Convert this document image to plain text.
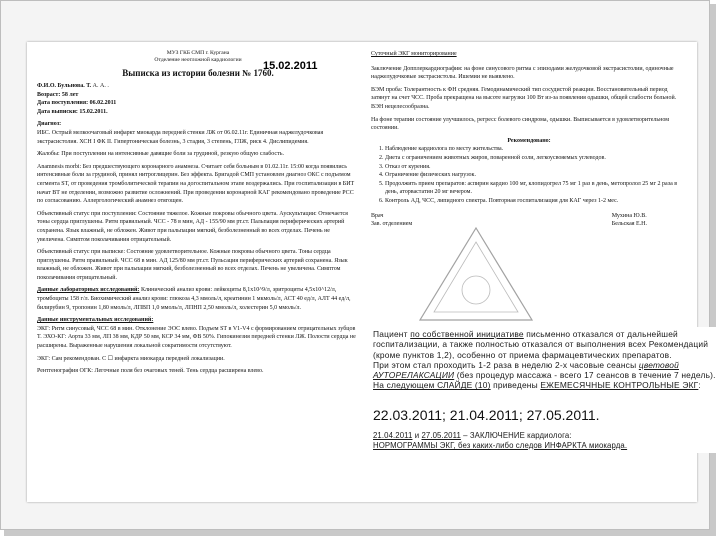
МУЗ ГКБ СМП г. Кургана
Отделение неотложной кардиологии
Выписка из истории болезни № 1760.
Ф.И.О. Бульнова. Т. А. А. .
Возраст: 58 лет
Дата поступления: 06.02.2011
Дата выписки: 15.02.2011.
Диагноз:
ИБС. Острый мелкоочаговый инфаркт миокарда передней стенки ЛЖ от 06.02.11г. Единичная наджелудочковая экстрасистолия. ХСН I ФК II. Гипертоническая болезнь, 3 стадия, 3 степень, ГЛЖ, риск 4. Дислипидемия.
Жалобы: При поступлении на интенсивные давящие боли за грудиной, резкую общую слабость.
Anamnesis morbi: Без предшествующего коронарного анамнеза. Считает себя больным в 01.02.11г. 15:00 когда появились интенсивные боли за грудиной, принял нитроглицерин. Без эффекта. Бригадой СМП установлен диагноз ОКС с подъемом сегмента ST, от проведения тромболитической терапии на догоспитальном этапе воздержались. При госпитализации в БИТ начат ВТ не отделении, возможно развитие осложнений. При проведении коронарной КАГ рекомендовано проведение РСС по согласованию. Аллергологический анамнез отягощен.
Объективный статус при поступлении: Состояние тяжелое. Кожные покровы обычного цвета. Аускультации: Отмечается тоны сердца приглушены. Ритм правильный. ЧСС - 78 в мин, АД - 155/90 мм рт.ст. Пальпация периферических артерий сохранена. Язык влажный, не обложен. Живот при пальпации мягкий, безболезненный во всех отделах. Печень не увеличена. Симптом поколачивания отрицательный.
Объективный статус при выписке: Состояние удовлетворительное. Кожные покровы обычного цвета. Тоны сердца приглушены. Ритм правильный. ЧСС 68 в мин. АД 125/80 мм рт.ст. Пульсация периферических артерий сохранена. Язык влажный, не обложен. Живот при пальпации мягкий, безболезненный во всех отделах. Печень не увеличена. Симптом поколачивания отрицательный.
Данные лабораторных исследований: Клинический анализ крови: лейкоциты 8,1х10^9/л, эритроциты 4,5х10^12/л, тромбоциты 158 г/л. Биохимический анализ крови: глюкоза 4,3 ммоль/л, креатинин 1 мкмоль/л, АСТ 40 ед/л, АЛТ 44 ед/л, билирубин 9, тропонин 1,80 нмоль/л, ЛПВП 1,0 ммоль/л, ЛПНП 2,50 ммоль/л, холестерин 5,0 ммоль/л.
Данные инструментальных исследований:
ЭКГ: Ритм синусовый, ЧСС 68 в мин. Отклонение ЭОС влево. Подъем ST в V1-V4 с формированием отрицательных зубцов T. ЭХО-КГ: Аорта 33 мм, ЛП 38 мм, КДР 50 мм, КСР 34 мм, ФВ 50%. Гипокинезия передней стенки ЛЖ. Полости сердца не расширены. Выраженные нарушения локальной сократимости отсутствуют.
ЭКГ: Сам рекомендован. С ☐ инфаркта миокарда передней локализации.
Рентгенография ОГК: Легочные поля без очаговых теней. Тень сердца расширена влево.
15.02.2011
Суточный ЭКГ мониторирование
Заключение Допплеркардиография: на фоне синусового ритма с эпизодами желудочковой экстрасистолии, одиночные наджелудочковые экстрасистолы. Ишемии не выявлено.
ВЭМ проба: Толерантность к ФН средняя. Гемодинамический тип сосудистой реакции. Восстановительный период затянут на счет ЧСС. Проба прекращена на высоте нагрузки 100 Вт из-за появления одышки, общей слабости больной. ВЭН нецелесообразна.
На фоне терапии состояние улучшилось, регресс болевого синдрома, одышки. Выписывается в удовлетворительном состоянии.
Рекомендовано:
1. Наблюдение кардиолога по месту жительства.
2. Диета с ограничением животных жиров, поваренной соли, легкоусвояемых углеводов.
3. Отказ от курения.
4. Ограничение физических нагрузок.
5. Продолжить прием препаратов: аспирин кардио 100 мг, клопидогрел 75 мг 1 раз в день, метопролол 25 мг 2 раза в день, аторвастатин 20 мг вечером.
6. Контроль АД, ЧСС, липидного спектра. Повторная госпитализация для КАГ через 1-2 мес.
Врач
Зав. отделением
Мухина Ю.В.
Бельская Е.Н.
Пациент по собственной инициативе письменно отказался от дальнейшей госпитализации, а также полностью отказался от выполнения всех Рекомендаций (кроме пунктов 1,2), особенно от приема фармацевтических препаратов.
При этом стал проходить 1-2 раза в неделю 2-х часовые сеансы цветовой АУТОРЕЛАКСАЦИИ (без процедур массажа - всего 17 сеансов в течение 7 недель).
На следующем СЛАЙДЕ (10) приведены ЕЖЕМЕСЯЧНЫЕ КОНТРОЛЬНЫЕ ЭКГ:
22.03.2011; 21.04.2011; 27.05.2011.
21.04.2011 и 27.05.2011 – ЗАКЛЮЧЕНИЕ кардиолога:
НОРМОГРАММЫ ЭКГ, без каких-либо следов ИНФАРКТА миокарда.
